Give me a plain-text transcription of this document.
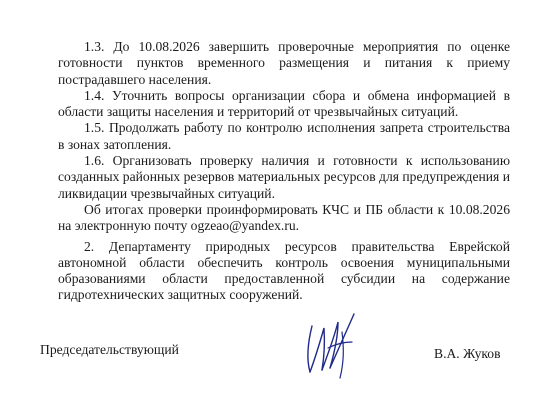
1.3. До 10.08.2026 завершить проверочные мероприятия по оценке готовности пунктов временного размещения и питания к приему пострадавшего населения.

1.4. Уточнить вопросы организации сбора и обмена информацией в области защиты населения и территорий от чрезвычайных ситуаций.

1.5. Продолжать работу по контролю исполнения запрета строительства в зонах затопления.

1.6. Организовать проверку наличия и готовности к использованию созданных районных резервов материальных ресурсов для предупреждения и ликвидации чрезвычайных ситуаций.

Об итогах проверки проинформировать КЧС и ПБ области к 10.08.2026 на электронную почту ogzeao@yandex.ru.

2. Департаменту природных ресурсов правительства Еврейской автономной области обеспечить контроль освоения муниципальными образованиями области предоставленной субсидии на содержание гидротехнических защитных сооружений.

Председательствующий	В.А. Жуков
